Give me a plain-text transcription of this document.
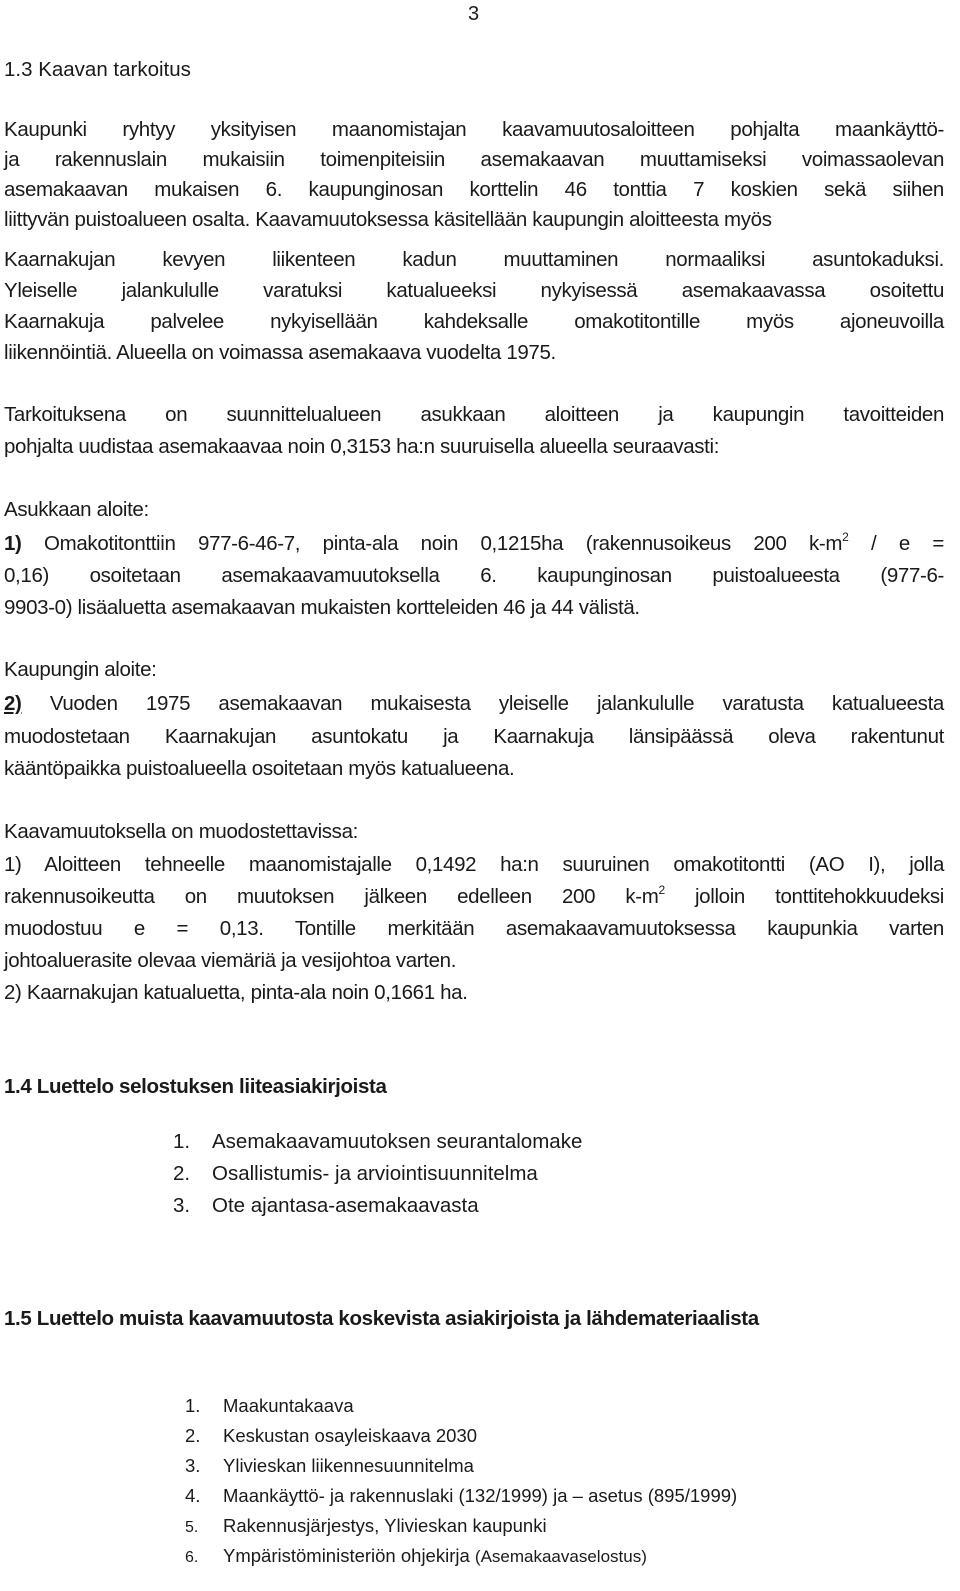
3
1.3 Kaavan tarkoitus
Kaupunki ryhtyy yksityisen maanomistajan kaavamuutosaloitteen pohjalta maankäyttö-
ja rakennuslain mukaisiin toimenpiteisiin asemakaavan muuttamiseksi voimassaolevan
asemakaavan mukaisen 6. kaupunginosan korttelin 46 tonttia 7 koskien sekä siihen
liittyvän puistoalueen osalta. Kaavamuutoksessa käsitellään kaupungin aloitteesta myös
Kaarnakujan kevyen liikenteen kadun muuttaminen normaaliksi asuntokaduksi.
Yleiselle jalankululle varatuksi katualueeksi nykyisessä asemakaavassa osoitettu
Kaarnakuja palvelee nykyisellään kahdeksalle omakotitontille myös ajoneuvoilla
liikennöintiä. Alueella on voimassa asemakaava vuodelta 1975.
Tarkoituksena on suunnittelualueen asukkaan aloitteen ja kaupungin tavoitteiden
pohjalta uudistaa asemakaavaa noin 0,3153 ha:n suuruisella alueella seuraavasti:
Asukkaan aloite:
1) Omakotitonttiin 977-6-46-7, pinta-ala noin 0,1215ha (rakennusoikeus 200 $k-m^2$ / e =
0,16) osoitetaan asemakaavamuutoksella 6. kaupunginosan puistoalueesta (977-6-
9903-0) lisäaluetta asemakaavan mukaisten kortteleiden 46 ja 44 välistä.
Kaupungin aloite:
2) Vuoden 1975 asemakaavan mukaisesta yleiselle jalankululle varatusta katualueesta
muodostetaan Kaarnakujan asuntokatu ja Kaarnakuja länsipäässä oleva rakentunut
kääntöpaikka puistoalueella osoitetaan myös katualueena.
Kaavamuutoksella on muodostettavissa:
1) Aloitteen tehneelle maanomistajalle 0,1492 ha:n suuruinen omakotitontti (AO I), jolla
rakennusoikeutta on muutoksen jälkeen edelleen 200 $k-m^2$ jolloin tonttitehokkuudeksi
muodostuu e = 0,13. Tontille merkitään asemakaavamuutoksessa kaupunkia varten
johtoaluerasite olevaa viemäriä ja vesijohtoa varten.
2) Kaarnakujan katualuetta, pinta-ala noin 0,1661 ha.
1.4 Luettelo selostuksen liiteasiakirjoista
1. Asemakaavamuutoksen seurantalomake
2. Osallistumis- ja arviointisuunnitelma
3. Ote ajantasa-asemakaavasta
1.5 Luettelo muista kaavamuutosta koskevista asiakirjoista ja lähdemateriaalista
1. Maakuntakaava
2. Keskustan osayleiskaava 2030
3. Ylivieskan liikennesuunnitelma
4. Maankäyttö- ja rakennuslaki (132/1999) ja – asetus (895/1999)
5. Rakennusjärjestys, Ylivieskan kaupunki
6. Ympäristöministeriön ohjekirja (Asemakaavaselostus)
